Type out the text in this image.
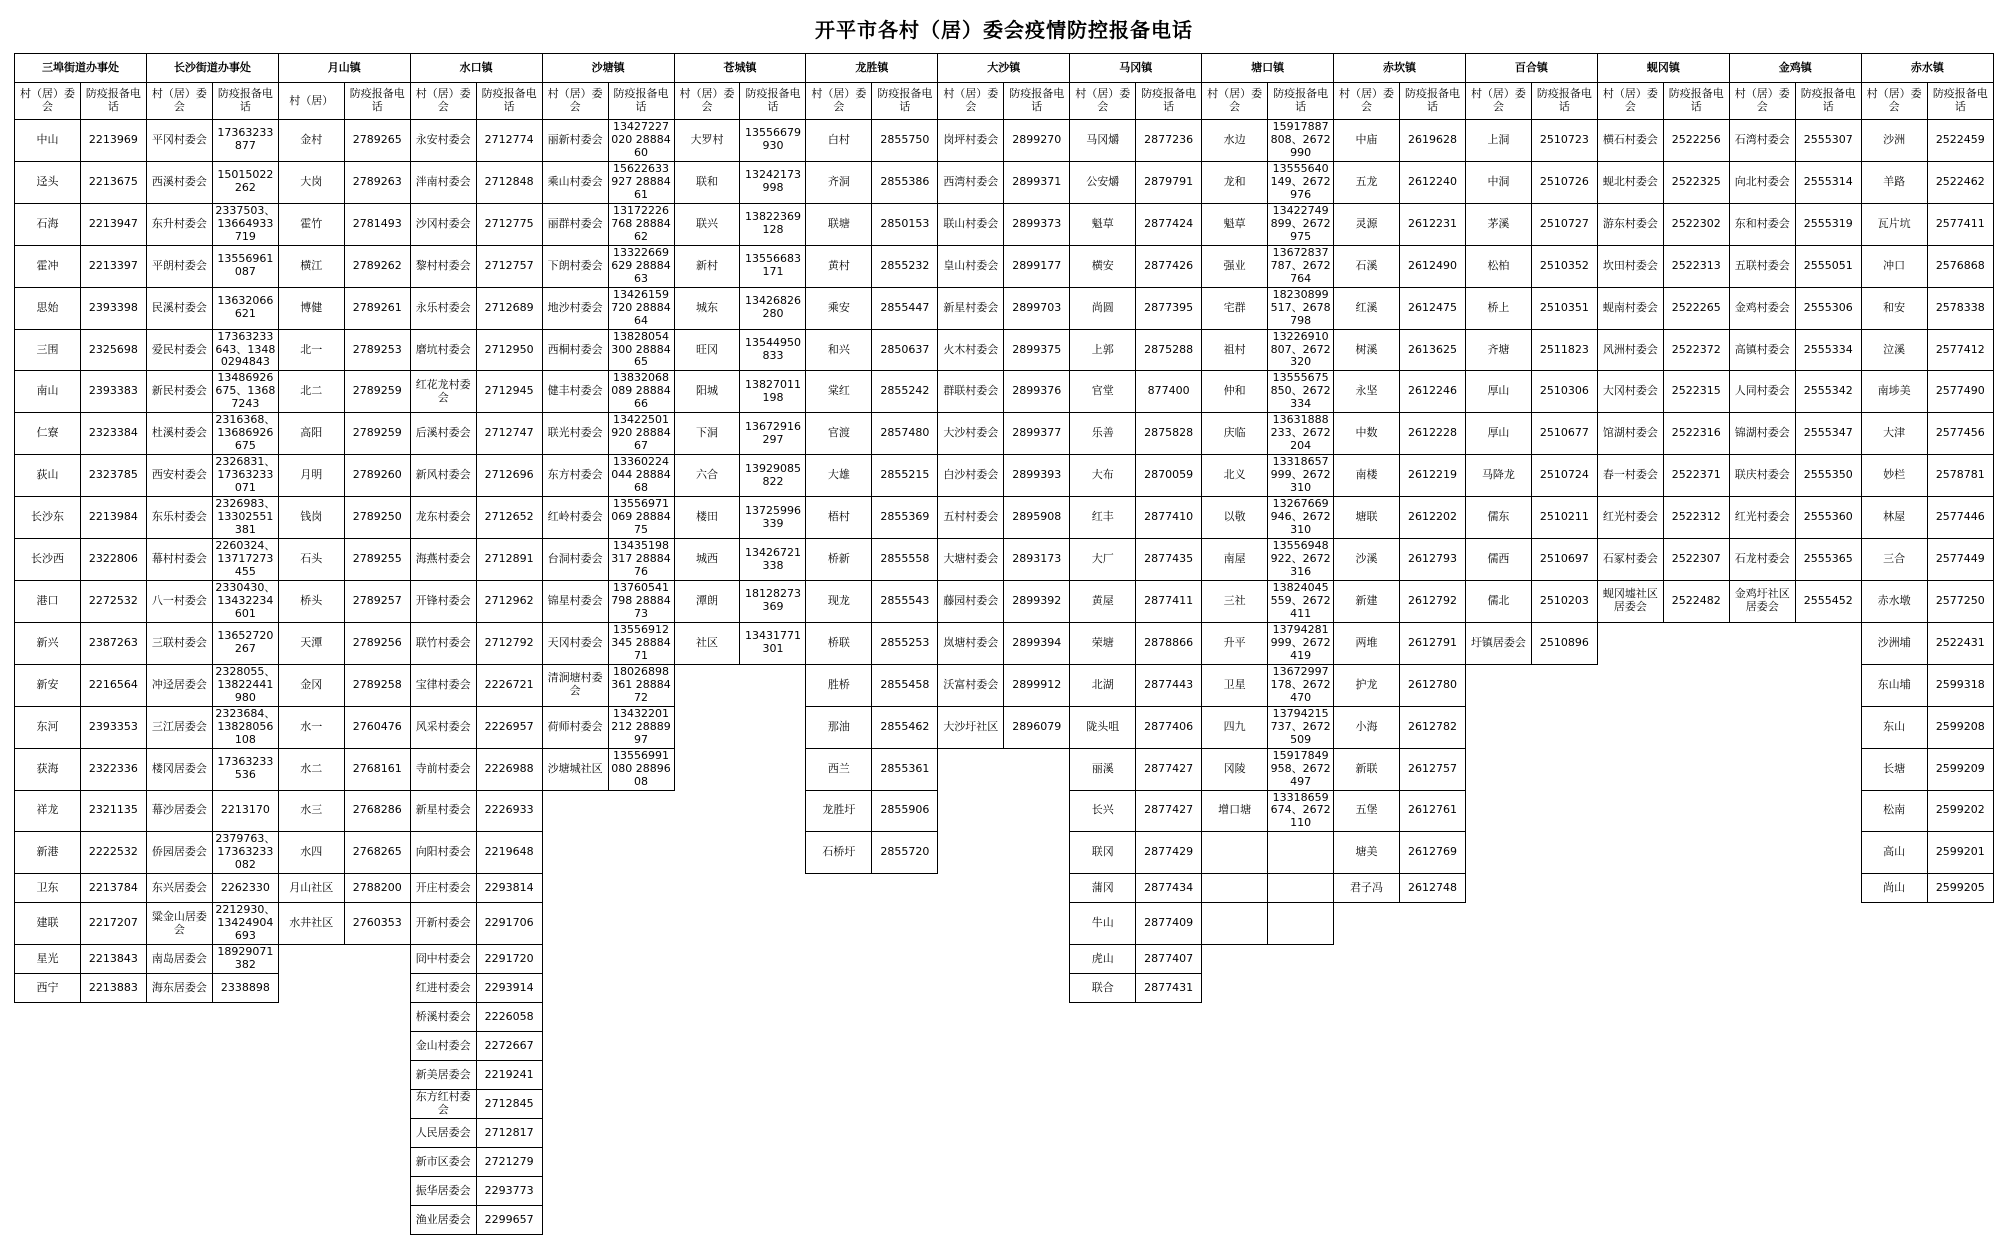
开平市各村（居）委会疫情防控报备电话
三埠街道办事处		长沙街道办事处		月山镇		水口镇		沙塘镇		苍城镇		龙胜镇		大沙镇		马冈镇		塘口镇		赤坎镇		百合镇		蚬冈镇		金鸡镇		赤水镇	
村（居）委会	防疫报备电话	村（居）委会	防疫报备电话	村（居）	防疫报备电话	村（居）委会	防疫报备电话	村（居）委会	防疫报备电话	村（居）委会	防疫报备电话	村（居）委会	防疫报备电话	村（居）委会	防疫报备电话	村（居）委会	防疫报备电话	村（居）委会	防疫报备电话	村（居）委会	防疫报备电话	村（居）委会	防疫报备电话	村（居）委会	防疫报备电话	村（居）委会	防疫报备电话	村（居）委会	防疫报备电话
中山	2213969	平冈村委会	17363233877	金村	2789265	永安村委会	2712774	丽新村委会	13427227020 2888460	大罗村	13556679930	白村	2855750	岗坪村委会	2899270	马冈爝	2877236	水边	15917887808、2672990	中庙	2619628	上洞	2510723	横石村委会	2522256	石湾村委会	2555307	沙洲	2522459
迳头	2213675	西溪村委会	15015022262	大岗	2789263	泮南村委会	2712848	乘山村委会	15622633927 2888461	联和	13242173998	齐洞	2855386	西湾村委会	2899371	公安爝	2879791	龙和	13555640149、2672976	五龙	2612240	中洞	2510726	蚬北村委会	2522325	向北村委会	2555314	羊路	2522462
石海	2213947	东升村委会	2337503、13664933719	霍竹	2781493	沙冈村委会	2712775	丽群村委会	13172226768 2888462	联兴	13822369128	联塘	2850153	联山村委会	2899373	魁草	2877424	魁草	13422749899、2672975	灵源	2612231	茅溪	2510727	游东村委会	2522302	东和村委会	2555319	瓦片坑	2577411
霍冲	2213397	平朗村委会	13556961087	横江	2789262	黎村村委会	2712757	下朗村委会	13322669629 2888463	新村	13556683171	黄村	2855232	皇山村委会	2899177	横安	2877426	强业	13672837787、2672764	石溪	2612490	松柏	2510352	坎田村委会	2522313	五联村委会	2555051	冲口	2576868
思始	2393398	民溪村委会	13632066621	博健	2789261	永乐村委会	2712689	地沙村委会	13426159720 2888464	城东	13426826280	乘安	2855447	新星村委会	2899703	尚圆	2877395	宅群	18230899517、2678798	红溪	2612475	桥上	2510351	蚬南村委会	2522265	金鸡村委会	2555306	和安	2578338
三围	2325698	爱民村委会	17363233643、13480294843	北一	2789253	磨坑村委会	2712950	西桐村委会	13828054300 2888465	旺冈	13544950833	和兴	2850637	火木村委会	2899375	上郭	2875288	祖村	13226910807、2672320	树溪	2613625	齐塘	2511823	风洲村委会	2522372	高镇村委会	2555334	泣溪	2577412
南山	2393383	新民村委会	13486926675、13687243	北二	2789259	红花龙村委会	2712945	健丰村委会	13832068089 2888466	阳城	13827011198	棠红	2855242	群联村委会	2899376	官堂	877400	仲和	13555675850、2672334	永坚	2612246	厚山	2510306	大冈村委会	2522315	人同村委会	2555342	南埗美	2577490
仁寮	2323384	杜溪村委会	2316368、13686926675	高阳	2789259	后溪村委会	2712747	联光村委会	13422501920 2888467	下洞	13672916297	官渡	2857480	大沙村委会	2899377	乐善	2875828	庆临	13631888233、2672204	中数	2612228	厚山	2510677	馆湖村委会	2522316	锦湖村委会	2555347	大津	2577456
荻山	2323785	西安村委会	2326831、17363233071	月明	2789260	新风村委会	2712696	东方村委会	13360224044 2888468	六合	13929085822	大雄	2855215	白沙村委会	2899393	大布	2870059	北义	13318657999、2672310	南楼	2612219	马降龙	2510724	春一村委会	2522371	联庆村委会	2555350	妙栏	2578781
长沙东	2213984	东乐村委会	2326983、13302551381	钱岗	2789250	龙东村委会	2712652	红岭村委会	13556971069 2888475	楼田	13725996339	梧村	2855369	五村村委会	2895908	红丰	2877410	以敬	13267669946、2672310	塘联	2612202	儒东	2510211	红光村委会	2522312	红光村委会	2555360	林屋	2577446
长沙西	2322806	幕村村委会	2260324、13717273455	石头	2789255	海燕村委会	2712891	台洞村委会	13435198317 2888476	城西	13426721338	桥新	2855558	大塘村委会	2893173	大厂	2877435	南屋	13556948922、2672316	沙溪	2612793	儒西	2510697	石冢村委会	2522307	石龙村委会	2555365	三合	2577449
港口	2272532	八一村委会	2330430、13432234601	桥头	2789257	开锋村委会	2712962	锦星村委会	13760541798 2888473	潭朗	18128273369	现龙	2855543	藤园村委会	2899392	黄屋	2877411	三社	13824045559、2672411	新建	2612792	儒北	2510203	蚬冈墟社区居委会	2522482	金鸡圩社区居委会	2555452	赤水墩	2577250
新兴	2387263	三联村委会	13652720267	天潭	2789256	联竹村委会	2712792	天冈村委会	13556912345 2888471	社区	13431771301	桥联	2855253	岚塘村委会	2899394	荣塘	2878866	升平	13794281999、2672419	两堆	2612791	圩镇居委会	2510896					沙洲埔	2522431
新安	2216564	冲迳居委会	2328055、13822441980	金冈	2789258	宝律村委会	2226721	清涧塘村委会	18026898361 2888472			胜桥	2855458	沃富村委会	2899912	北湖	2877443	卫星	13672997178、2672470	护龙	2612780							东山埔	2599318
东河	2393353	三江居委会	2323684、13828056108	水一	2760476	风采村委会	2226957	荷师村委会	13432201212 2888997			那油	2855462	大沙圩社区	2896079	陇头咀	2877406	四九	13794215737、2672509	小海	2612782							东山	2599208
获海	2322336	楼冈居委会	17363233536	水二	2768161	寺前村委会	2226988	沙塘城社区	13556991080 2889608			西兰	2855361			丽溪	2877427	冈陵	15917849958、2672497	新联	2612757							长塘	2599209
祥龙	2321135	幕沙居委会	2213170	水三	2768286	新星村委会	2226933					龙胜圩	2855906			长兴	2877427	增口塘	13318659674、2672110	五堡	2612761							松南	2599202
新港	2222532	侨园居委会	2379763、17363233082	水四	2768265	向阳村委会	2219648					石桥圩	2855720			联冈	2877429			塘美	2612769							高山	2599201
卫东	2213784	东兴居委会	2262330	月山社区	2788200	开庄村委会	2293814									蒲冈	2877434			君子冯	2612748							尚山	2599205
建联	2217207	粱金山居委会	2212930、13424904693	水井社区	2760353	开新村委会	2291706									牛山	2877409												
星光	2213843	南岛居委会	18929071382			冏中村委会	2291720									虎山	2877407												
西宁	2213883	海东居委会	2338898			红进村委会	2293914									联合	2877431												
						桥溪村委会	2226058																						
						金山村委会	2272667																						
						新美居委会	2219241																						
						东方红村委会	2712845																						
						人民居委会	2712817																						
						新市区委会	2721279																						
						振华居委会	2293773																						
						渔业居委会	2299657																						
